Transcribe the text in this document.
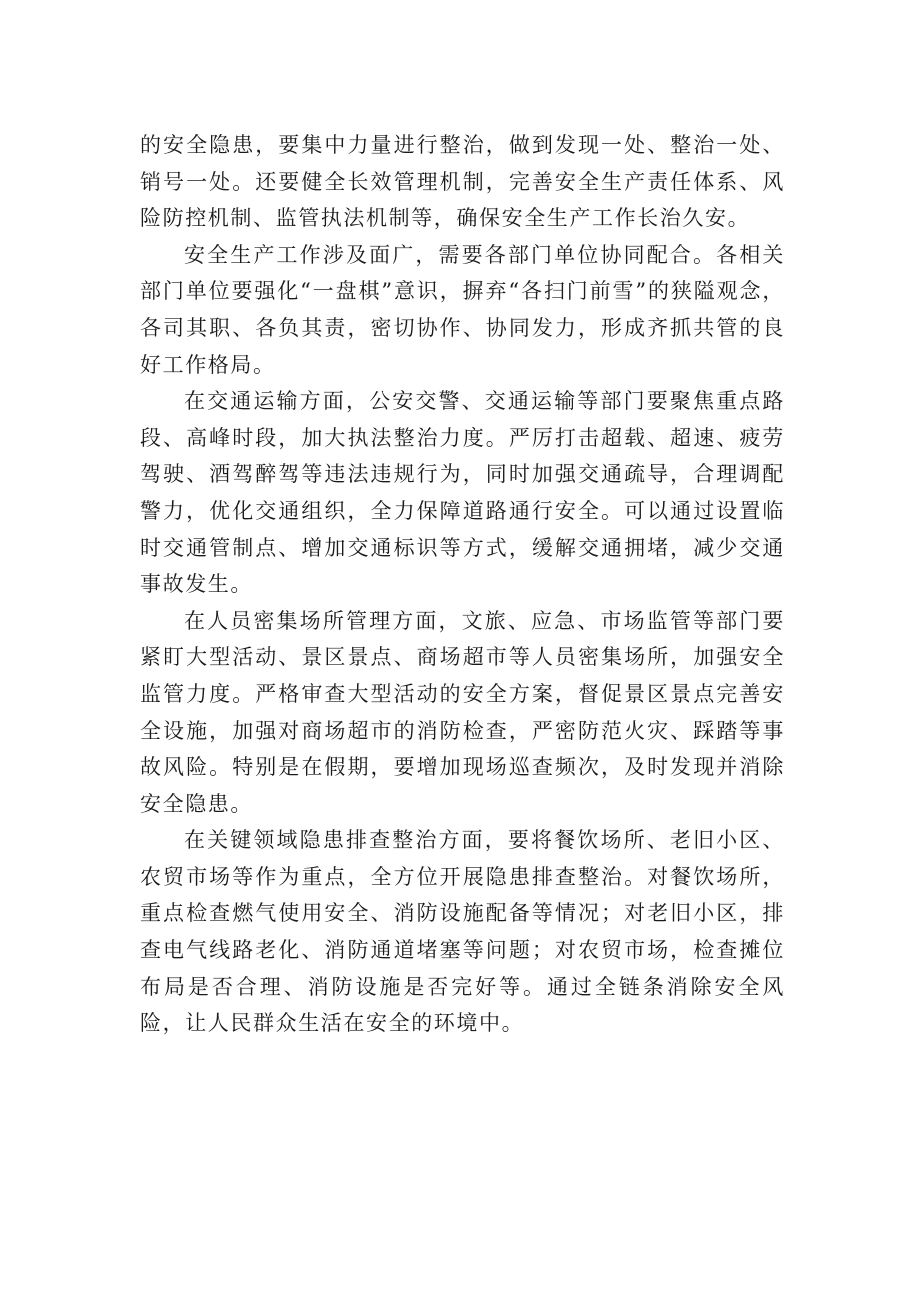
的安全隐患，要集中力量进行整治，做到发现一处、整治一处、销号一处。还要健全长效管理机制，完善安全生产责任体系、风险防控机制、监管执法机制等，确保安全生产工作长治久安。

安全生产工作涉及面广，需要各部门单位协同配合。各相关部门单位要强化“一盘棋”意识，摒弃“各扫门前雪”的狭隘观念，各司其职、各负其责，密切协作、协同发力，形成齐抓共管的良好工作格局。

在交通运输方面，公安交警、交通运输等部门要聚焦重点路段、高峰时段，加大执法整治力度。严厉打击超载、超速、疲劳驾驶、酒驾醉驾等违法违规行为，同时加强交通疏导，合理调配警力，优化交通组织，全力保障道路通行安全。可以通过设置临时交通管制点、增加交通标识等方式，缓解交通拥堵，减少交通事故发生。

在人员密集场所管理方面，文旅、应急、市场监管等部门要紧盯大型活动、景区景点、商场超市等人员密集场所，加强安全监管力度。严格审查大型活动的安全方案，督促景区景点完善安全设施，加强对商场超市的消防检查，严密防范火灾、踩踏等事故风险。特别是在假期，要增加现场巡查频次，及时发现并消除安全隐患。

在关键领域隐患排查整治方面，要将餐饮场所、老旧小区、农贸市场等作为重点，全方位开展隐患排查整治。对餐饮场所，重点检查燃气使用安全、消防设施配备等情况；对老旧小区，排查电气线路老化、消防通道堵塞等问题；对农贸市场，检查摊位布局是否合理、消防设施是否完好等。通过全链条消除安全风险，让人民群众生活在安全的环境中。
